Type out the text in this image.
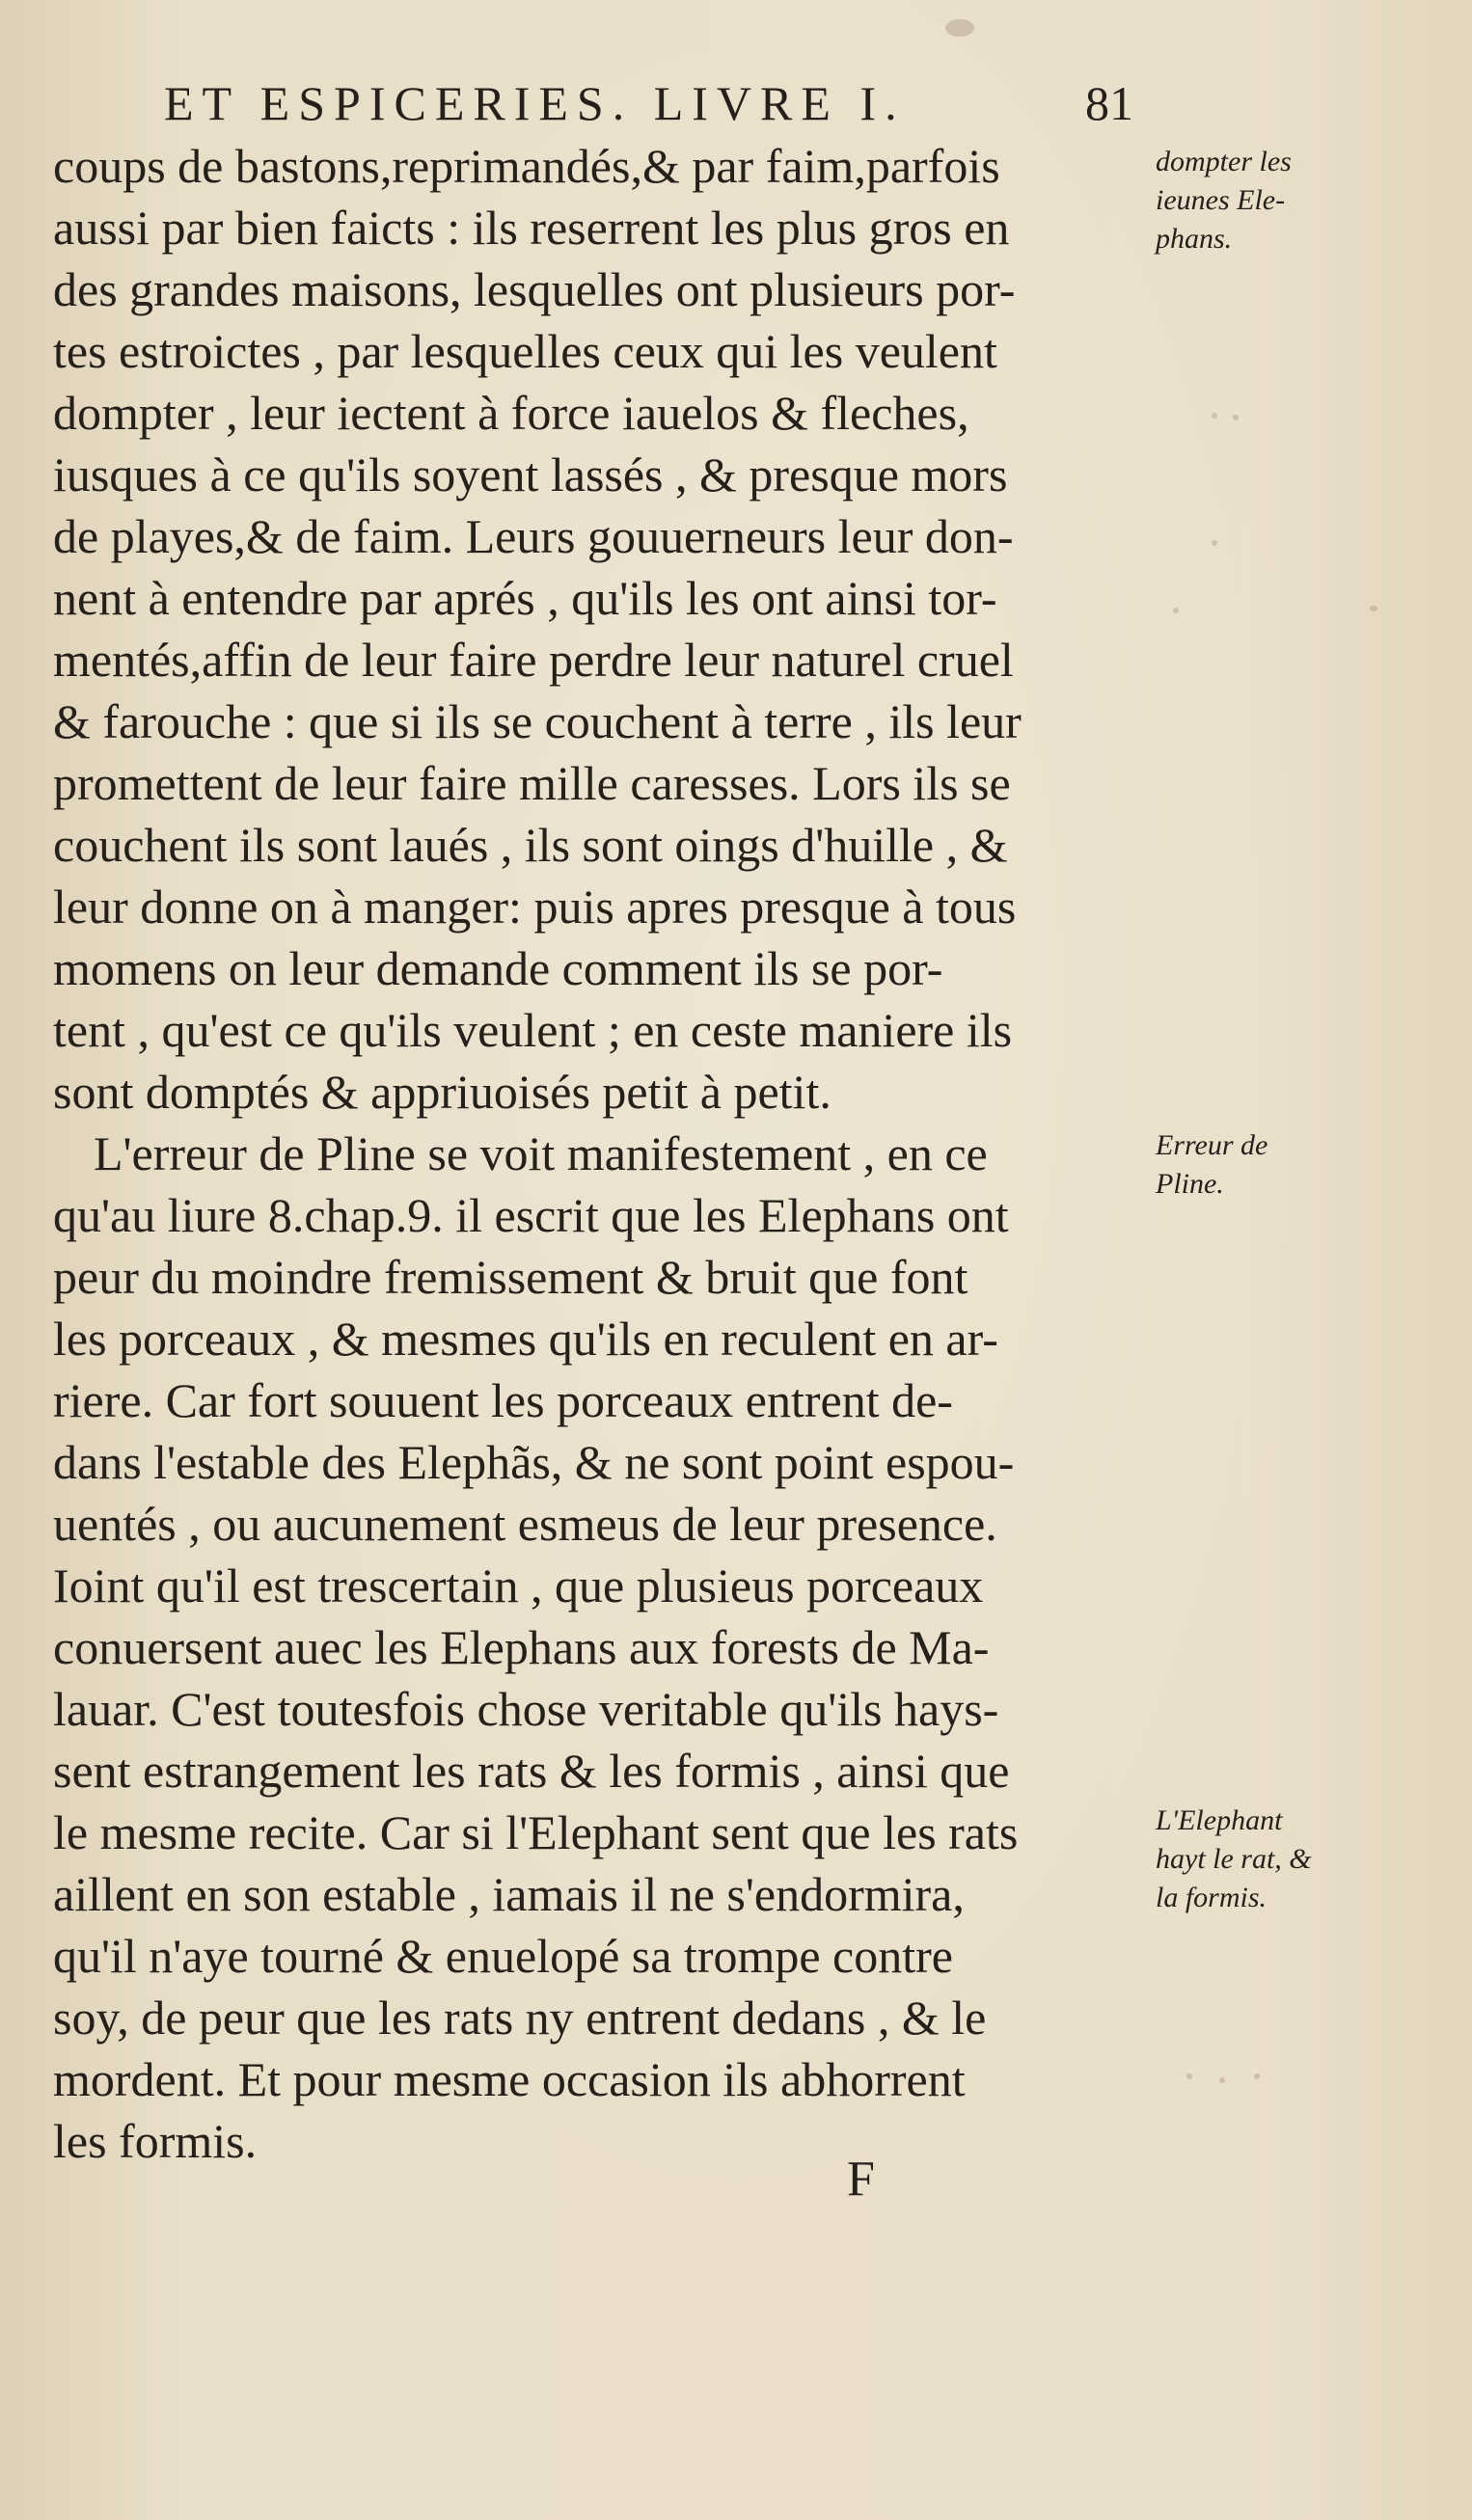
ET ESPICERIES. LIVRE I.	81
coups de bastons,reprimandés,& par faim,parfois
aussi par bien faicts : ils reserrent les plus gros en
des grandes maisons, lesquelles ont plusieurs por-
tes estroictes , par lesquelles ceux qui les veulent
dompter , leur iectent à force iauelos & fleches,
iusques à ce qu'ils soyent lassés , & presque mors
de playes,& de faim. Leurs gouuerneurs leur don-
nent à entendre par aprés , qu'ils les ont ainsi tor-
mentés,affin de leur faire perdre leur naturel cruel
& farouche : que si ils se couchent à terre , ils leur
promettent de leur faire mille caresses. Lors ils se
couchent ils sont laués , ils sont oings d'huille , &
leur donne on à manger: puis apres presque à tous
momens on leur demande comment ils se por-
tent , qu'est ce qu'ils veulent ; en ceste maniere ils
sont domptés & appriuoisés petit à petit.
L'erreur de Pline se voit manifestement , en ce
qu'au liure 8.chap.9. il escrit que les Elephans ont
peur du moindre fremissement & bruit que font
les porceaux , & mesmes qu'ils en reculent en ar-
riere. Car fort souuent les porceaux entrent de-
dans l'estable des Elephãs, & ne sont point espou-
uentés , ou aucunement esmeus de leur presence.
Ioint qu'il est trescertain , que plusieus porceaux
conuersent auec les Elephans aux forests de Ma-
lauar. C'est toutesfois chose veritable qu'ils hays-
sent estrangement les rats & les formis , ainsi que
le mesme recite. Car si l'Elephant sent que les rats
aillent en son estable , iamais il ne s'endormira,
qu'il n'aye tourné & enuelopé sa trompe contre
soy, de peur que les rats ny entrent dedans , & le
mordent. Et pour mesme occasion ils abhorrent
les formis.
dompter les
ieunes Ele-
phans.
Erreur de
Pline.
L'Elephant
hayt le rat, &
la formis.
F
